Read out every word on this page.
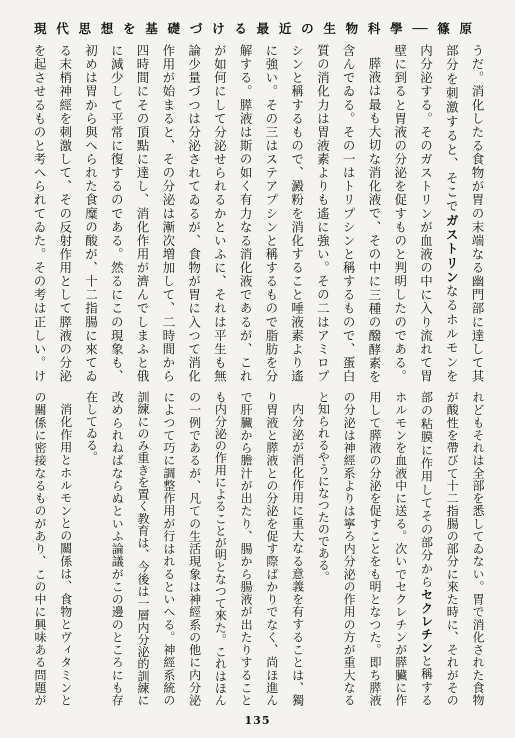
現代思想を基礎づける最近の生物科學──篠原
うだ。消化したる食物が胃の末端なる幽門部に達して其
部分を刺激すると、そこでガストリンなるホルモンを
内分泌する。そのガストリンが血液の中に入り流れて胃
壁に到ると胃液の分泌を促すものと判明したのである。
膵液は最も大切な消化液で、その中に三種の醱酵素を
含んでゐる。その一はトリプシンと稱するもので、蛋白
質の消化力は胃液素よりも遙に強い。その二はアミロプ
シンと稱するもので、澱粉を消化すること唾液素より遙
に強い。その三はステアプシンと稱するもので脂肪を分
解する。膵液は斯の如く有力なる消化液であるが、これ
が如何にして分泌せられるかといふに、それは平生も無
論少量づつは分泌されてゐるが、食物が胃に入つて消化
作用が始まると、その分泌は漸次増加して、二時間から
四時間にその頂點に達し、消化作用が濟んでしまふと俄
に減少して平常に復するのである。然るにこの現象も、
初めは胃から與へられた食糜の酸が、十二指腸に來てゐ
る末梢神經を刺激して、その反射作用として膵液の分泌
を起させるものと考へられてゐた。その考は正しい。け
れどもそれは全部を悉してゐない。胃で消化された食物
が酸性を帶びて十二指腸の部分に來た時に、それがその
部の粘膜に作用してその部分からセクレチンと稱する
ホルモンを血液中に送る。次いでセクレチンが膵臟に作
用して膵液の分泌を促すことをも明となつた。即ち膵液
の分泌は神經系よりは寧ろ内分泌の作用の方が重大なる
と知られるやうになつたのである。
内分泌が消化作用に重大なる意義を有することは、獨
り胃液と膵液との分泌を促す際ばかりでなく、尚ほ進ん
で肝臟から膽汁が出たり、腸から腸液が出たりすること
も内分泌の作用によることが明となつて來た。これはほん
の一例であるが、凡ての生活現象は神經系の他に内分泌
によつて巧に調整作用が行はれるといへる。神經系統の
訓練にのみ重きを置く教育は、今後は一層内分泌的訓練に
改められねばならぬといふ論議がこの邊のところにも存
在してゐる。
消化作用とホルモンとの關係は、食物とヴィタミンと
の關係に密接なるものがあり、この中に興味ある問題が
135
